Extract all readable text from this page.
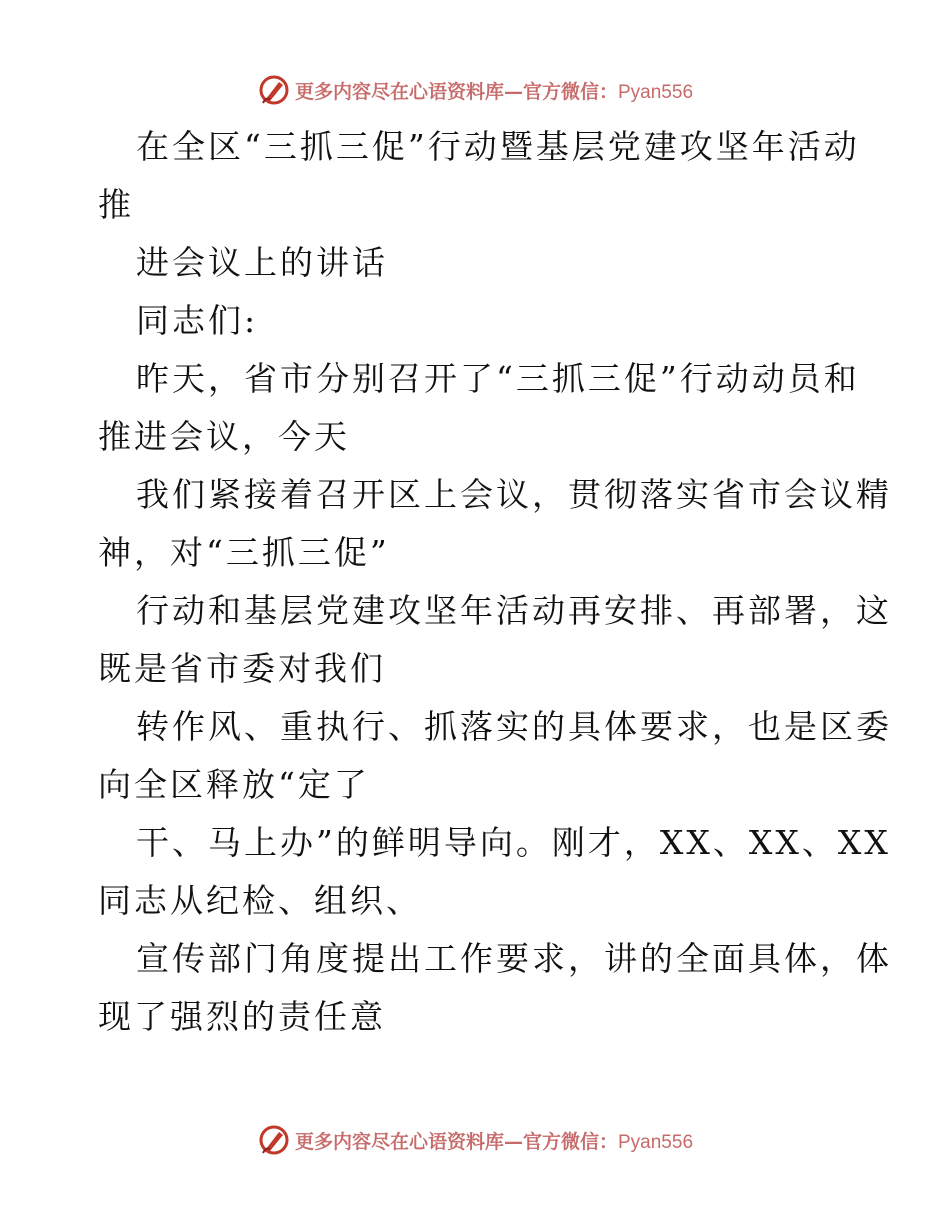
更多内容尽在心语资料库—官方微信：Pyan556
在全区“三抓三促”行动暨基层党建攻坚年活动
推
进会议上的讲话
同志们:
昨天，省市分别召开了“三抓三促”行动动员和
推进会议，今天
我们紧接着召开区上会议，贯彻落实省市会议精
神，对“三抓三促”
行动和基层党建攻坚年活动再安排、再部署，这
既是省市委对我们
转作风、重执行、抓落实的具体要求，也是区委
向全区释放“定了
干、马上办”的鲜明导向。刚才，XX、XX、XX
同志从纪检、组织、
宣传部门角度提出工作要求，讲的全面具体，体
现了强烈的责任意
更多内容尽在心语资料库—官方微信：Pyan556
